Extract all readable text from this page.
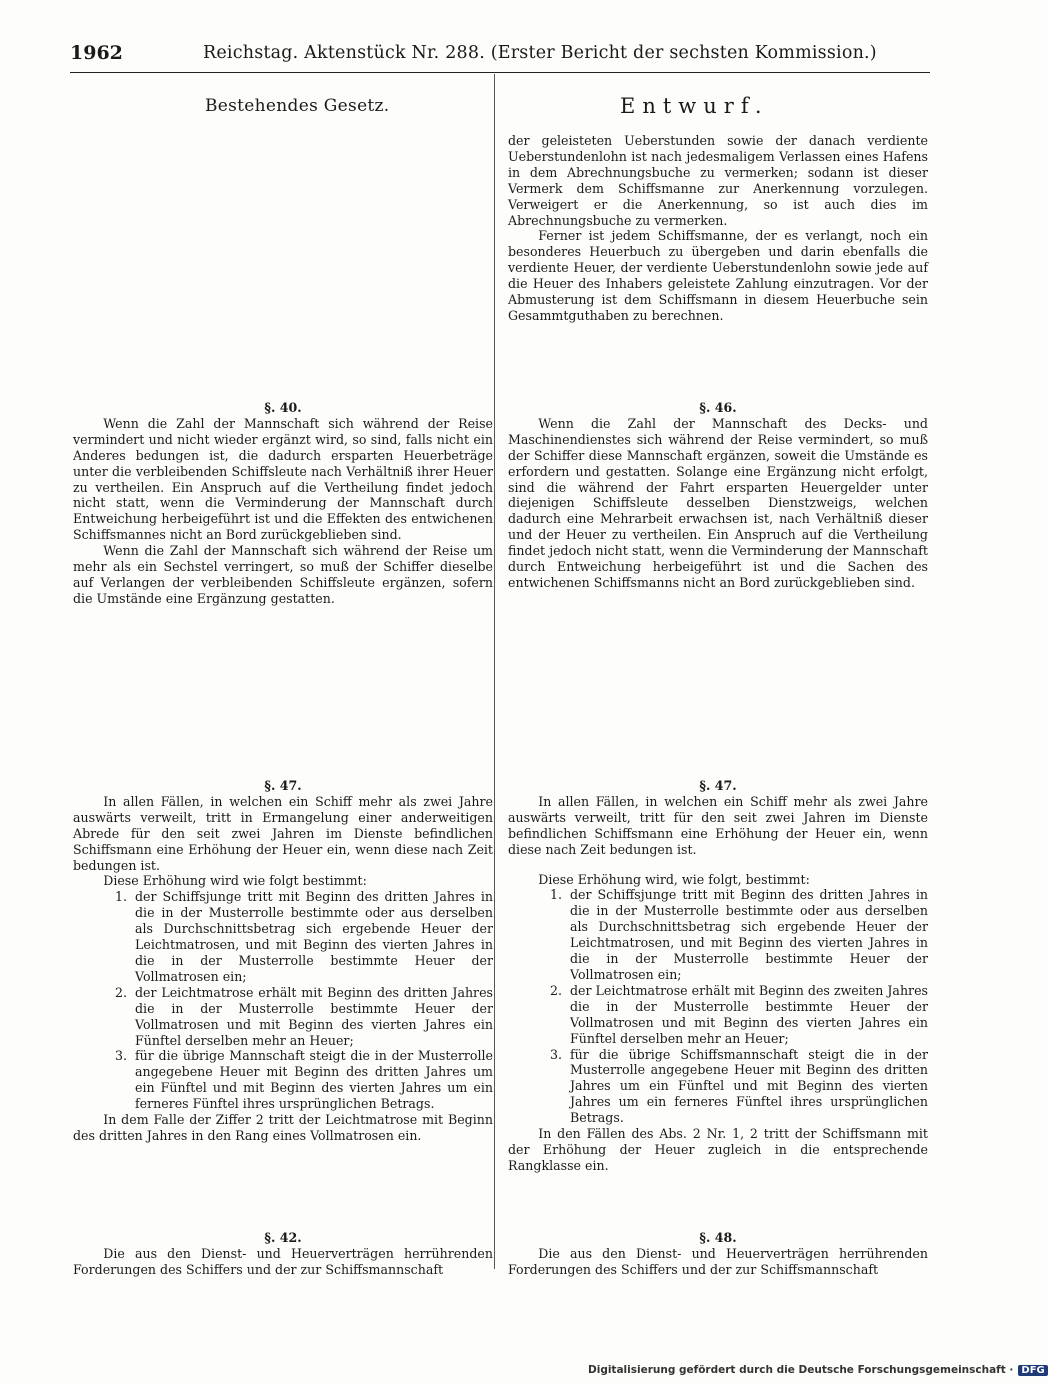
1962	Reichstag. Aktenstück Nr. 288. (Erster Bericht der sechsten Kommission.)
Bestehendes Gesetz.	Entwurf.

der geleisteten Ueberstunden sowie der danach verdiente Ueberstundenlohn ist nach jedesmaligem Verlassen eines Hafens in dem Abrechnungsbuche zu vermerken; sodann ist dieser Vermerk dem Schiffsmanne zur Anerkennung vorzulegen. Verweigert er die Anerkennung, so ist auch dies im Abrechnungsbuche zu vermerken.

Ferner ist jedem Schiffsmanne, der es verlangt, noch ein besonderes Heuerbuch zu übergeben und darin ebenfalls die verdiente Heuer, der verdiente Ueberstundenlohn sowie jede auf die Heuer des Inhabers geleistete Zahlung einzutragen. Vor der Abmusterung ist dem Schiffsmann in diesem Heuerbuche sein Gesammtguthaben zu berechnen.

§. 40.

Wenn die Zahl der Mannschaft sich während der Reise vermindert und nicht wieder ergänzt wird, so sind, falls nicht ein Anderes bedungen ist, die dadurch ersparten Heuerbeträge unter die verbleibenden Schiffsleute nach Verhältniß ihrer Heuer zu vertheilen. Ein Anspruch auf die Vertheilung findet jedoch nicht statt, wenn die Verminderung der Mannschaft durch Entweichung herbeigeführt ist und die Effekten des entwichenen Schiffsmannes nicht an Bord zurückgeblieben sind.

Wenn die Zahl der Mannschaft sich während der Reise um mehr als ein Sechstel verringert, so muß der Schiffer dieselbe auf Verlangen der verbleibenden Schiffsleute ergänzen, sofern die Umstände eine Ergänzung gestatten.

§. 46.

Wenn die Zahl der Mannschaft des Decks- und Maschinendienstes sich während der Reise vermindert, so muß der Schiffer diese Mannschaft ergänzen, soweit die Umstände es erfordern und gestatten. Solange eine Ergänzung nicht erfolgt, sind die während der Fahrt ersparten Heuergelder unter diejenigen Schiffsleute desselben Dienstzweigs, welchen dadurch eine Mehrarbeit erwachsen ist, nach Verhältniß dieser und der Heuer zu vertheilen. Ein Anspruch auf die Vertheilung findet jedoch nicht statt, wenn die Verminderung der Mannschaft durch Entweichung herbeigeführt ist und die Sachen des entwichenen Schiffsmanns nicht an Bord zurückgeblieben sind.

§. 47.

In allen Fällen, in welchen ein Schiff mehr als zwei Jahre auswärts verweilt, tritt in Ermangelung einer anderweitigen Abrede für den seit zwei Jahren im Dienste befindlichen Schiffsmann eine Erhöhung der Heuer ein, wenn diese nach Zeit bedungen ist.

Diese Erhöhung wird wie folgt bestimmt:

1. der Schiffsjunge tritt mit Beginn des dritten Jahres in die in der Musterrolle bestimmte oder aus derselben als Durchschnittsbetrag sich ergebende Heuer der Leichtmatrosen, und mit Beginn des vierten Jahres in die in der Musterrolle bestimmte Heuer der Vollmatrosen ein;
2. der Leichtmatrose erhält mit Beginn des dritten Jahres die in der Musterrolle bestimmte Heuer der Vollmatrosen und mit Beginn des vierten Jahres ein Fünftel derselben mehr an Heuer;
3. für die übrige Mannschaft steigt die in der Musterrolle angegebene Heuer mit Beginn des dritten Jahres um ein Fünftel und mit Beginn des vierten Jahres um ein ferneres Fünftel ihres ursprünglichen Betrags.

In dem Falle der Ziffer 2 tritt der Leichtmatrose mit Beginn des dritten Jahres in den Rang eines Vollmatrosen ein.

§. 47.

In allen Fällen, in welchen ein Schiff mehr als zwei Jahre auswärts verweilt, tritt für den seit zwei Jahren im Dienste befindlichen Schiffsmann eine Erhöhung der Heuer ein, wenn diese nach Zeit bedungen ist.

Diese Erhöhung wird, wie folgt, bestimmt:

1. der Schiffsjunge tritt mit Beginn des dritten Jahres in die in der Musterrolle bestimmte oder aus derselben als Durchschnittsbetrag sich ergebende Heuer der Leichtmatrosen, und mit Beginn des vierten Jahres in die in der Musterrolle bestimmte Heuer der Vollmatrosen ein;
2. der Leichtmatrose erhält mit Beginn des zweiten Jahres die in der Musterrolle bestimmte Heuer der Vollmatrosen und mit Beginn des vierten Jahres ein Fünftel derselben mehr an Heuer;
3. für die übrige Schiffsmannschaft steigt die in der Musterrolle angegebene Heuer mit Beginn des dritten Jahres um ein Fünftel und mit Beginn des vierten Jahres um ein ferneres Fünftel ihres ursprünglichen Betrags.

In den Fällen des Abs. 2 Nr. 1, 2 tritt der Schiffsmann mit der Erhöhung der Heuer zugleich in die entsprechende Rangklasse ein.

§. 42.

Die aus den Dienst- und Heuerverträgen herrührenden Forderungen des Schiffers und der zur Schiffsmannschaft

§. 48.

Die aus den Dienst- und Heuerverträgen herrührenden Forderungen des Schiffers und der zur Schiffsmannschaft

Digitalisierung gefördert durch die Deutsche Forschungsgemeinschaft · DFG
